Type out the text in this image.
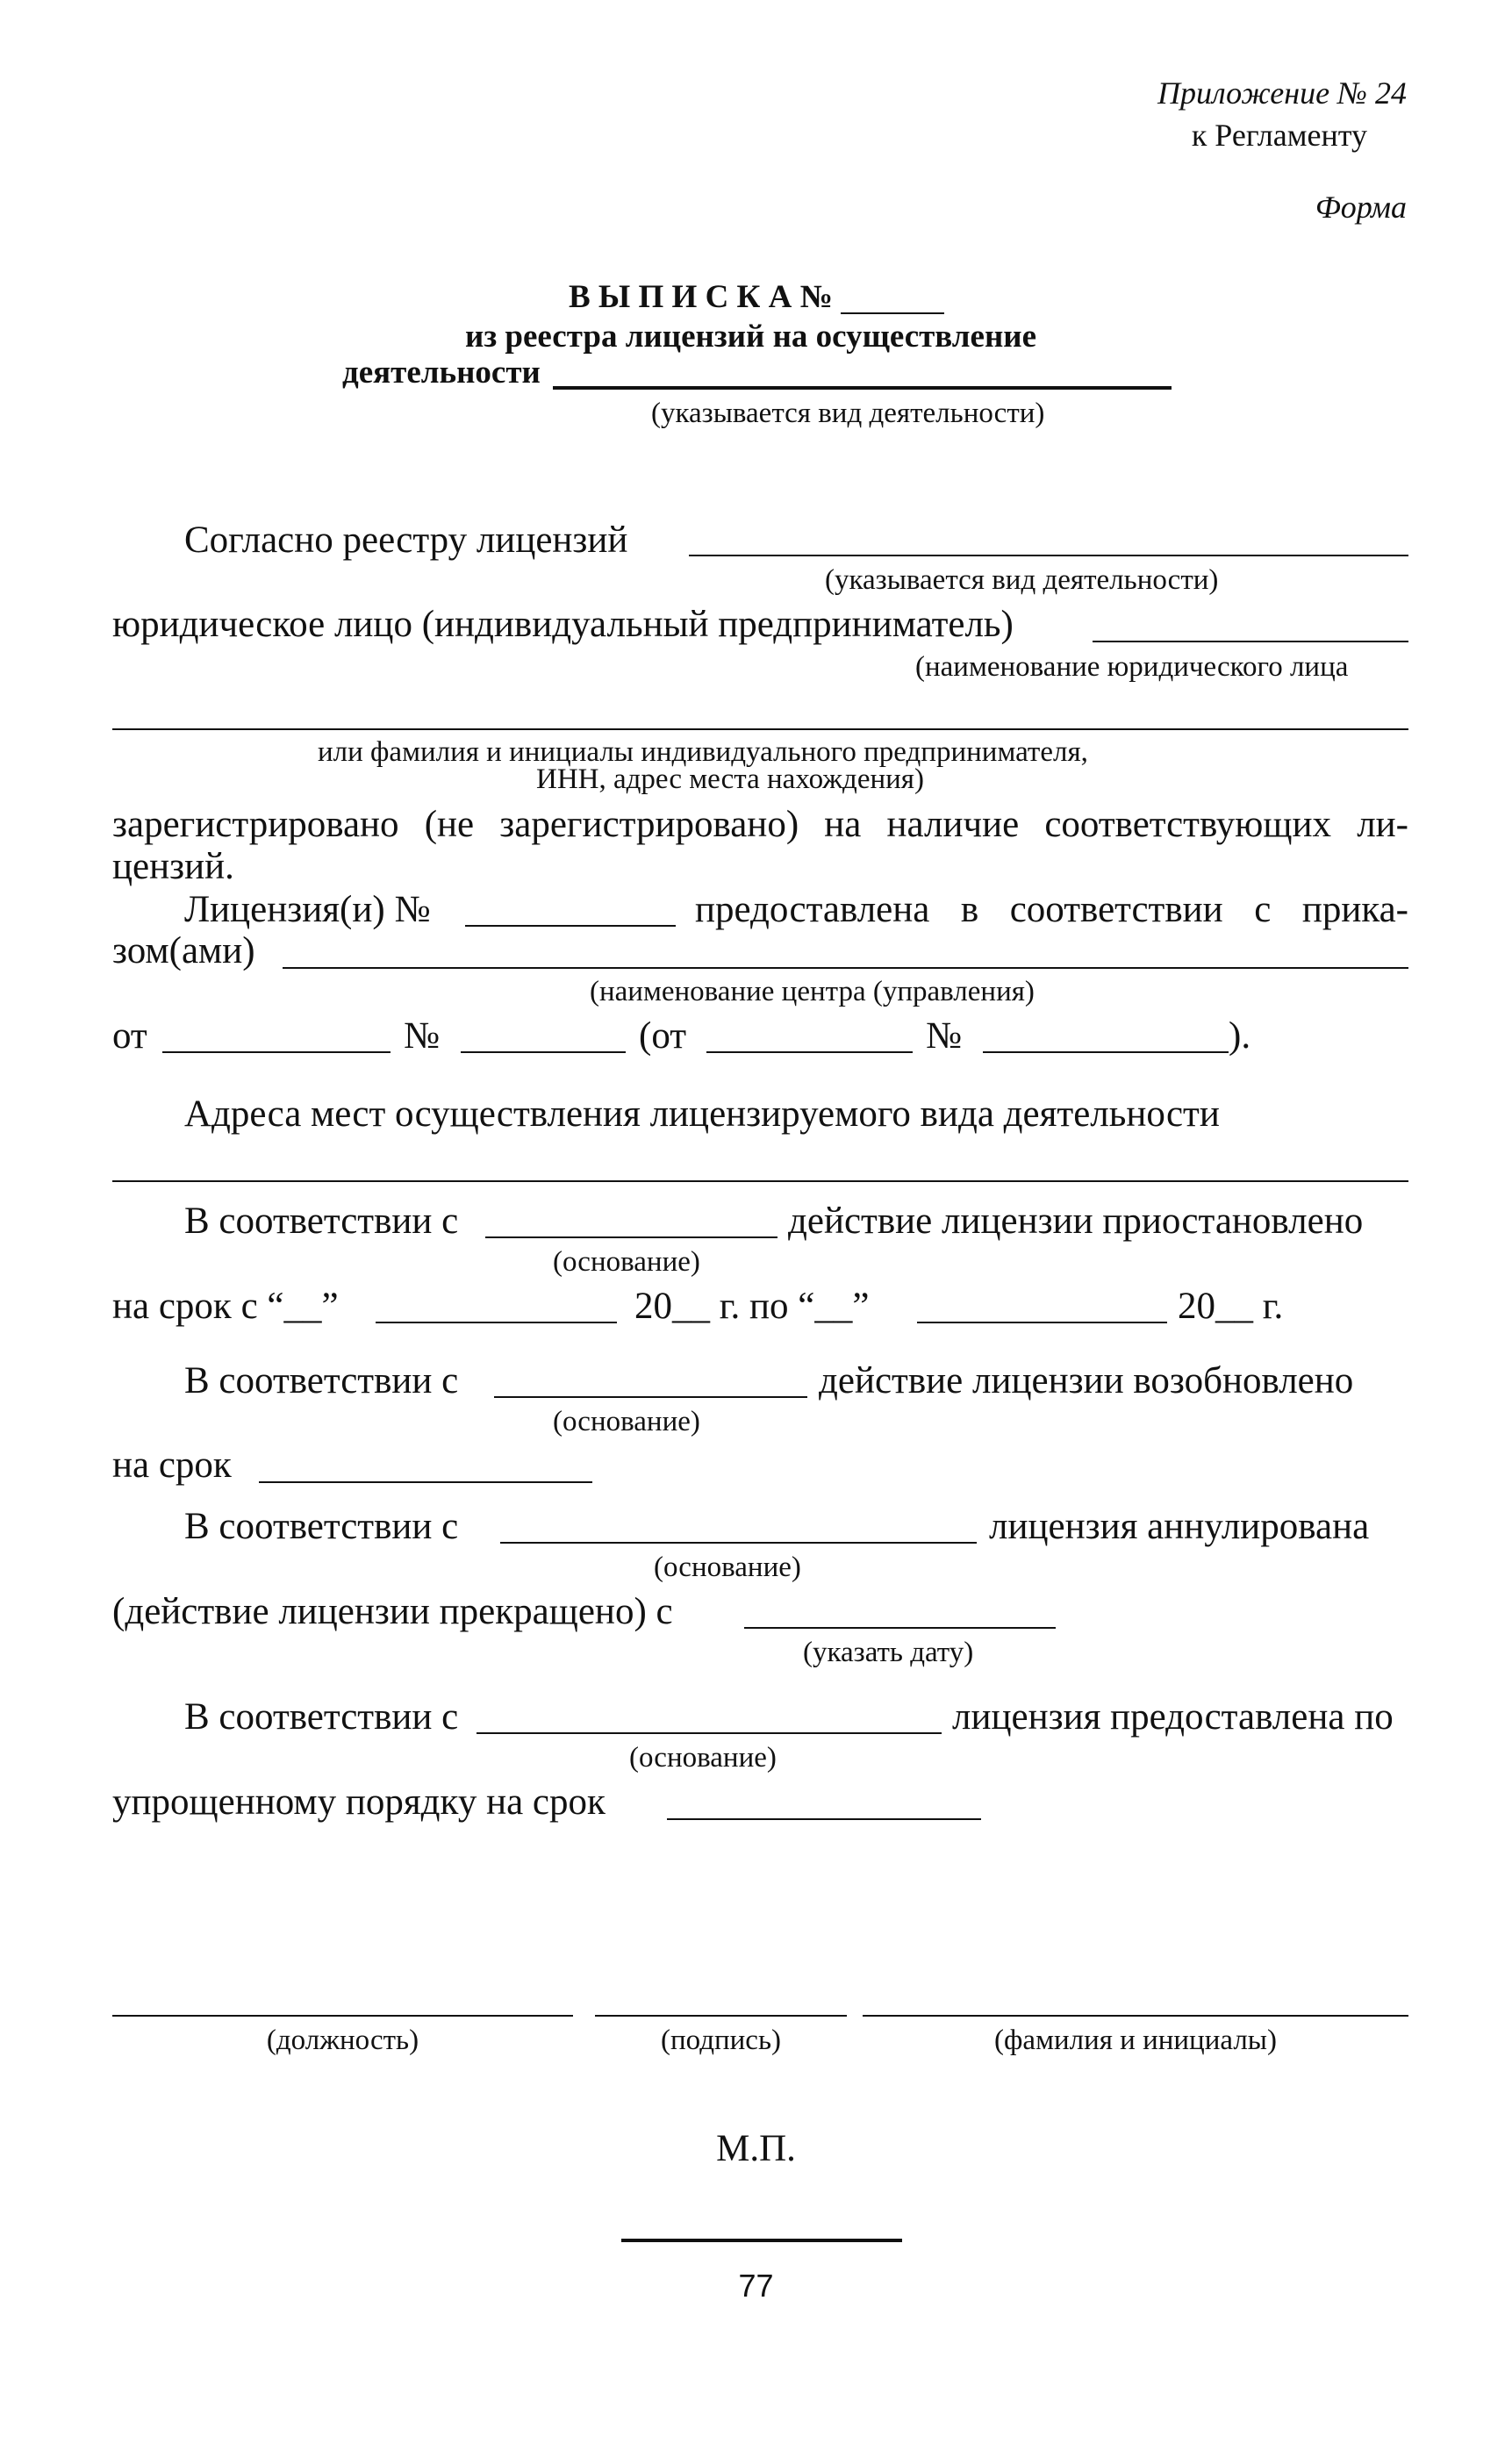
Приложение № 24
к Регламенту
Форма
В Ы П И С К А №
из реестра лицензий на осуществление
деятельности
(указывается вид деятельности)
Согласно реестру лицензий
(указывается вид деятельности)
юридическое лицо (индивидуальный предприниматель)
(наименование юридического лица
или фамилия и инициалы индивидуального предпринимателя,
ИНН, адрес места нахождения)
зарегистрировано (не зарегистрировано) на наличие соответствующих ли-
цензий.
Лицензия(и) №	предоставлена в соответствии с прика-
зом(ами)
(наименование центра (управления)
от	№	(от	№	).
Адреса мест осуществления лицензируемого вида деятельности
В соответствии с	действие лицензии приостановлено
(основание)
на срок с “__”	20__ г. по “__”	20__ г.
В соответствии с	действие лицензии возобновлено
(основание)
на срок
В соответствии с	лицензия аннулирована
(основание)
(действие лицензии прекращено) с
(указать дату)
В соответствии с	лицензия предоставлена по
(основание)
упрощенному порядку на срок
(должность)	(подпись)	(фамилия и инициалы)
М.П.
77
